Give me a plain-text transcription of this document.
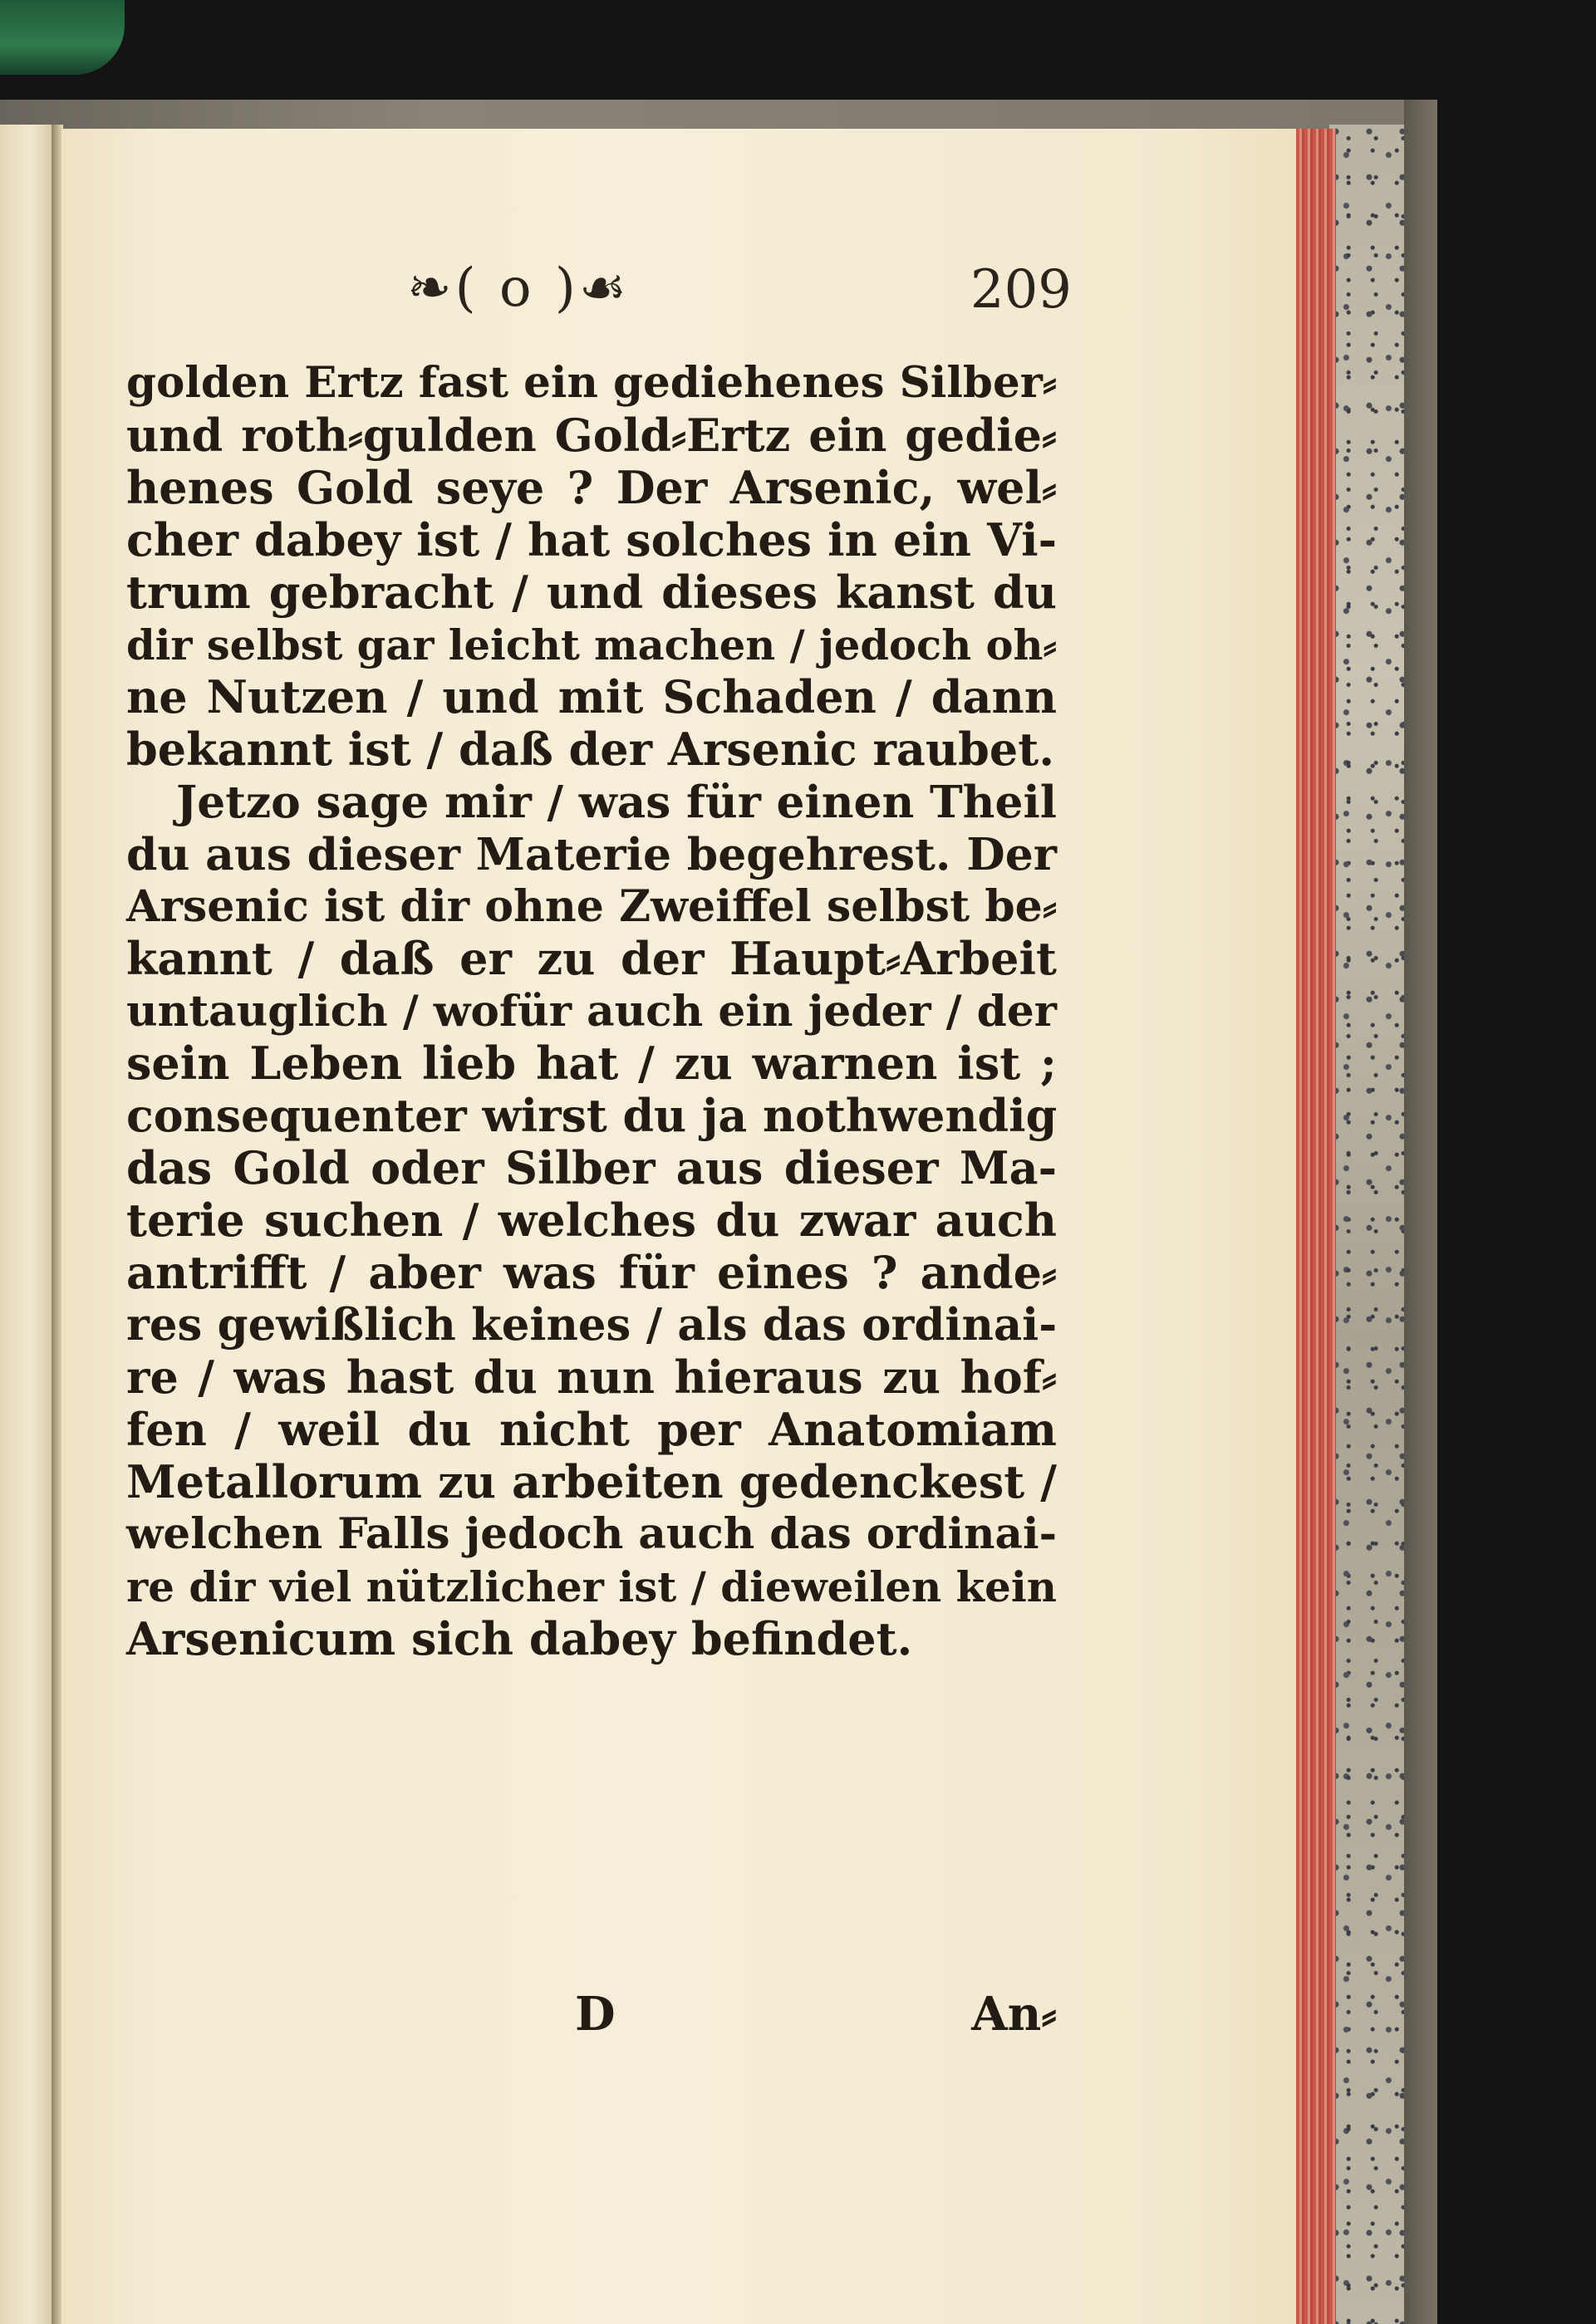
❧( o )☙	209
golden Ertz fast ein gediehenes Silber⸗
und roth⸗gulden Gold⸗Ertz ein gedie⸗
henes Gold seye ? Der Arsenic, wel⸗
cher dabey ist / hat solches in ein Vi-
trum gebracht / und dieses kanst du
dir selbst gar leicht machen / jedoch oh⸗
ne Nutzen / und mit Schaden / dann
bekannt ist / daß der Arsenic raubet.
Jetzo sage mir / was für einen Theil
du aus dieser Materie begehrest. Der
Arsenic ist dir ohne Zweiffel selbst be⸗
kannt / daß er zu der Haupt⸗Arbeit
untauglich / wofür auch ein jeder / der
sein Leben lieb hat / zu warnen ist ;
consequenter wirst du ja nothwendig
das Gold oder Silber aus dieser Ma-
terie suchen / welches du zwar auch
antrifft / aber was für eines ? ande⸗
res gewißlich keines / als das ordinai-
re / was hast du nun hieraus zu hof⸗
fen / weil du nicht per Anatomiam
Metallorum zu arbeiten gedenckest /
welchen Falls jedoch auch das ordinai-
re dir viel nützlicher ist / dieweilen kein
Arsenicum sich dabey befindet.
D	An⸗
